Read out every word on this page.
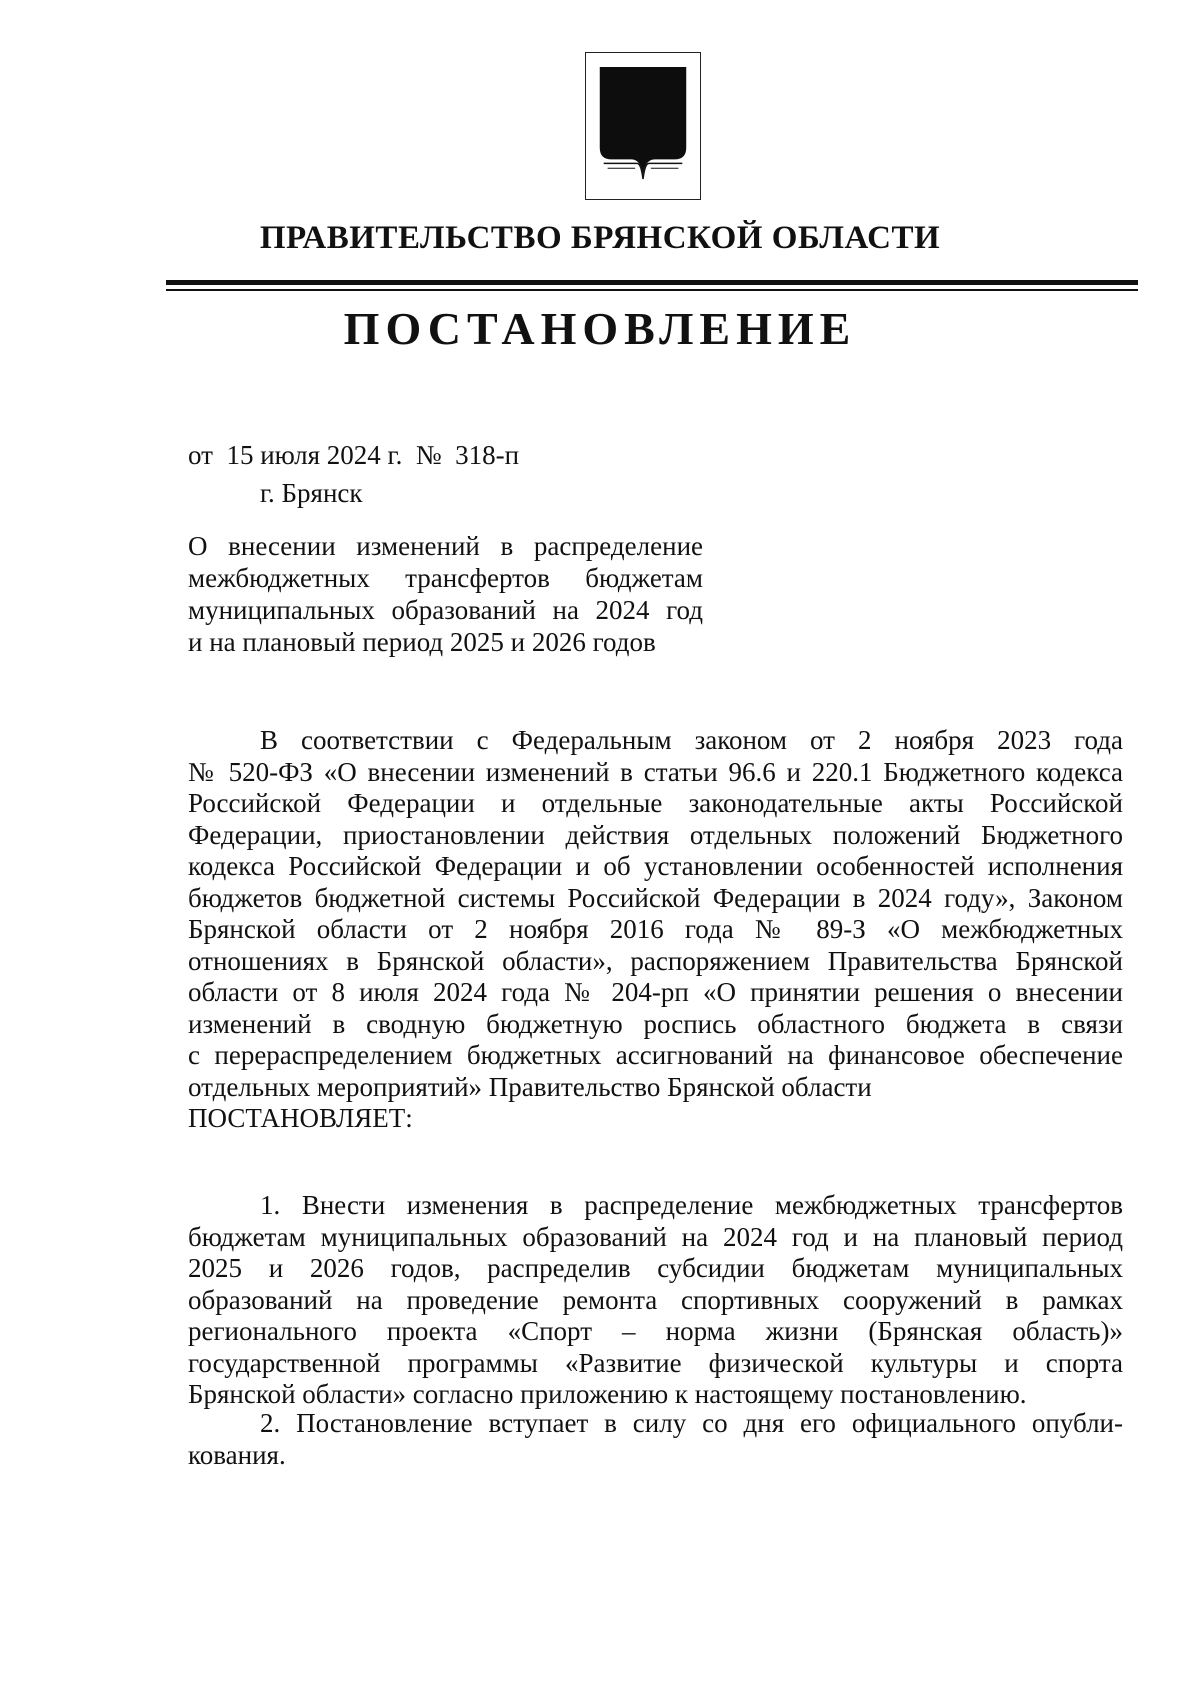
ПРАВИТЕЛЬСТВО БРЯНСКОЙ ОБЛАСТИ
ПОСТАНОВЛЕНИЕ
от  15 июля 2024 г.  №  318-п
г. Брянск
О внесении изменений в распределение
межбюджетных трансфертов бюджетам
муниципальных образований на 2024 год
и на плановый период 2025 и 2026 годов
В соответствии с Федеральным законом от 2 ноября 2023 года
№ 520-ФЗ «О внесении изменений в статьи 96.6 и 220.1 Бюджетного кодекса
Российской Федерации и отдельные законодательные акты Российской
Федерации, приостановлении действия отдельных положений Бюджетного
кодекса Российской Федерации и об установлении особенностей исполнения
бюджетов бюджетной системы Российской Федерации в 2024 году», Законом
Брянской области от 2 ноября 2016 года № 89-З «О межбюджетных
отношениях в Брянской области», распоряжением Правительства Брянской
области от 8 июля 2024 года № 204-рп «О принятии решения о внесении
изменений в сводную бюджетную роспись областного бюджета в связи
с перераспределением бюджетных ассигнований на финансовое обеспечение
отдельных мероприятий» Правительство Брянской области
ПОСТАНОВЛЯЕТ:
1. Внести изменения в распределение межбюджетных трансфертов
бюджетам муниципальных образований на 2024 год и на плановый период
2025 и 2026 годов, распределив субсидии бюджетам муниципальных
образований на проведение ремонта спортивных сооружений в рамках
регионального проекта «Спорт – норма жизни (Брянская область)»
государственной программы «Развитие физической культуры и спорта
Брянской области» согласно приложению к настоящему постановлению.
2. Постановление вступает в силу со дня его официального опубли-
кования.
